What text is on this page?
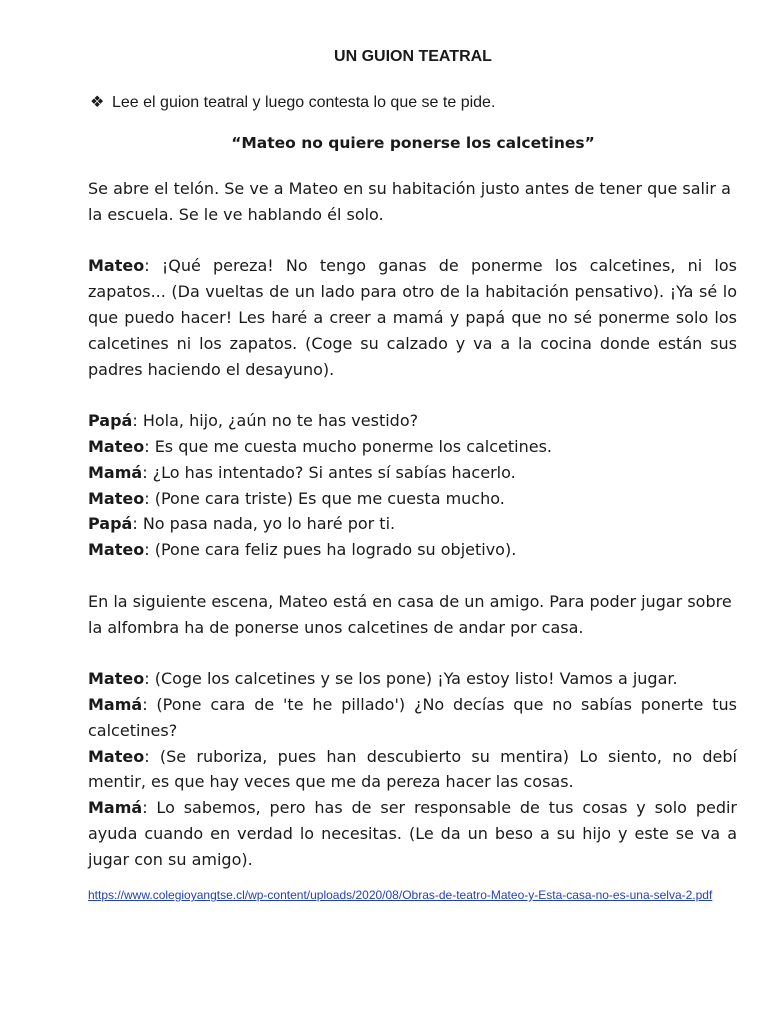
UN GUION TEATRAL
❖ Lee el guion teatral y luego contesta lo que se te pide.
“Mateo no quiere ponerse los calcetines”

Se abre el telón. Se ve a Mateo en su habitación justo antes de tener que salir a la escuela. Se le ve hablando él solo.

Mateo: ¡Qué pereza! No tengo ganas de ponerme los calcetines, ni los zapatos... (Da vueltas de un lado para otro de la habitación pensativo). ¡Ya sé lo que puedo hacer! Les haré a creer a mamá y papá que no sé ponerme solo los calcetines ni los zapatos. (Coge su calzado y va a la cocina donde están sus padres haciendo el desayuno).

Papá: Hola, hijo, ¿aún no te has vestido?

Mateo: Es que me cuesta mucho ponerme los calcetines.

Mamá: ¿Lo has intentado? Si antes sí sabías hacerlo.

Mateo: (Pone cara triste) Es que me cuesta mucho.

Papá: No pasa nada, yo lo haré por ti.

Mateo: (Pone cara feliz pues ha logrado su objetivo).

En la siguiente escena, Mateo está en casa de un amigo. Para poder jugar sobre la alfombra ha de ponerse unos calcetines de andar por casa.

Mateo: (Coge los calcetines y se los pone) ¡Ya estoy listo! Vamos a jugar.

Mamá: (Pone cara de 'te he pillado') ¿No decías que no sabías ponerte tus calcetines?

Mateo: (Se ruboriza, pues han descubierto su mentira) Lo siento, no debí mentir, es que hay veces que me da pereza hacer las cosas.

Mamá: Lo sabemos, pero has de ser responsable de tus cosas y solo pedir ayuda cuando en verdad lo necesitas. (Le da un beso a su hijo y este se va a jugar con su amigo).

https://www.colegioyangtse.cl/wp-content/uploads/2020/08/Obras-de-teatro-Mateo-y-Esta-casa-no-es-una-selva-2.pdf
